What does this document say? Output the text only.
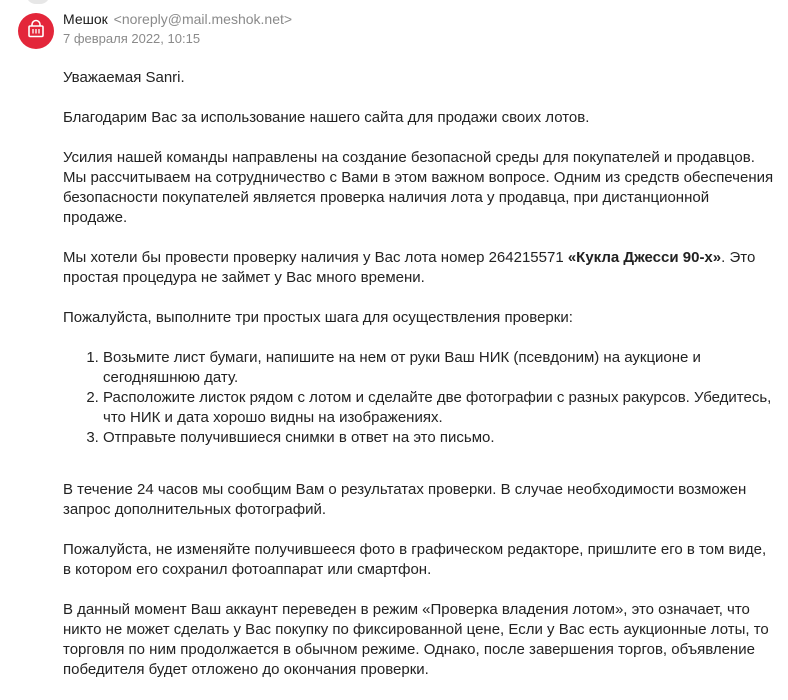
Мешок <noreply@mail.meshok.net>
7 февраля 2022, 10:15

Уважаемая Sanri.

Благодарим Вас за использование нашего сайта для продажи своих лотов.

Усилия нашей команды направлены на создание безопасной среды для покупателей и продавцов. Мы рассчитываем на сотрудничество с Вами в этом важном вопросе. Одним из средств обеспечения безопасности покупателей является проверка наличия лота у продавца, при дистанционной продаже.

Мы хотели бы провести проверку наличия у Вас лота номер 264215571 «Кукла Джесси 90-х». Это простая процедура не займет у Вас много времени.

Пожалуйста, выполните три простых шага для осуществления проверки:

1. Возьмите лист бумаги, напишите на нем от руки Ваш НИК (псевдоним) на аукционе и сегодняшнюю дату.
2. Расположите листок рядом с лотом и сделайте две фотографии с разных ракурсов. Убедитесь, что НИК и дата хорошо видны на изображениях.
3. Отправьте получившиеся снимки в ответ на это письмо.

В течение 24 часов мы сообщим Вам о результатах проверки. В случае необходимости возможен запрос дополнительных фотографий.

Пожалуйста, не изменяйте получившееся фото в графическом редакторе, пришлите его в том виде, в котором его сохранил фотоаппарат или смартфон.

В данный момент Ваш аккаунт переведен в режим «Проверка владения лотом», это означает, что никто не может сделать у Вас покупку по фиксированной цене, Если у Вас есть аукционные лоты, то торговля по ним продолжается в обычном режиме. Однако, после завершения торгов, объявление победителя будет отложено до окончания проверки.
